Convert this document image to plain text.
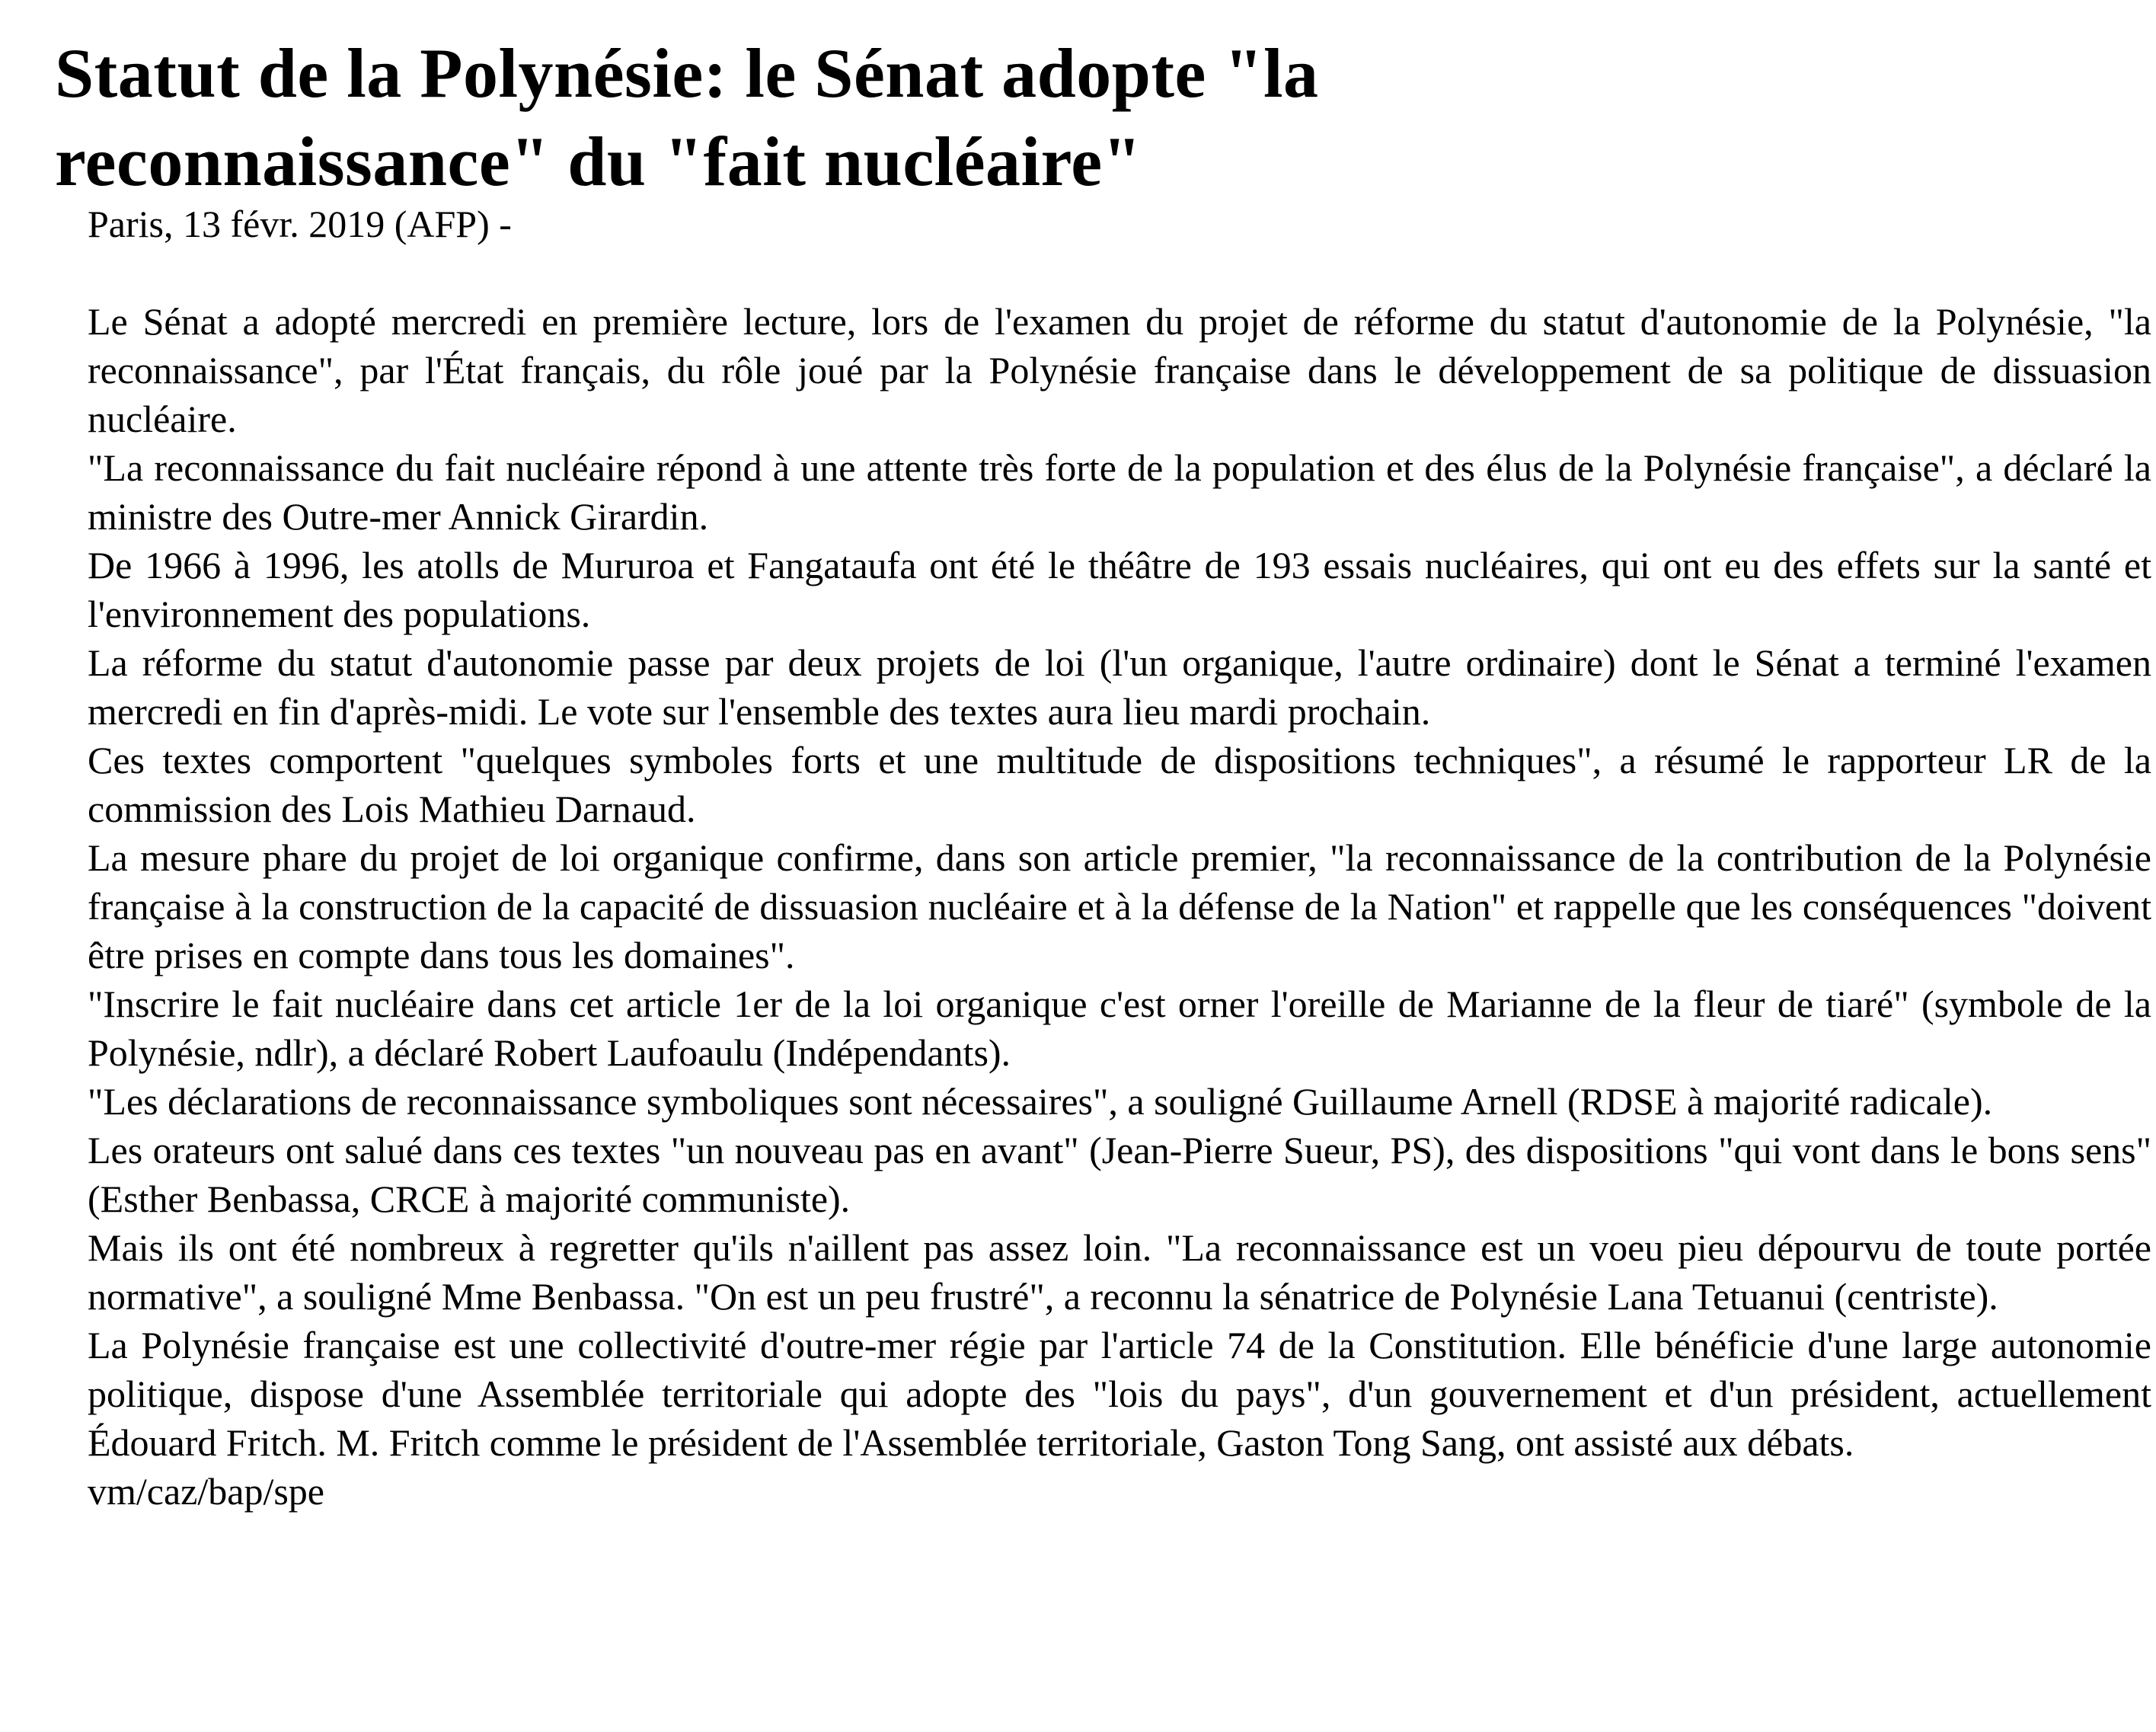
Statut de la Polynésie: le Sénat adopte "la reconnaissance" du "fait nucléaire"

Paris, 13 févr. 2019 (AFP) -

Le Sénat a adopté mercredi en première lecture, lors de l'examen du projet de réforme du statut d'autonomie de la Polynésie, "la reconnaissance", par l'État français, du rôle joué par la Polynésie française dans le développement de sa politique de dissuasion nucléaire.

"La reconnaissance du fait nucléaire répond à une attente très forte de la population et des élus de la Polynésie française", a déclaré la ministre des Outre-mer Annick Girardin.

De 1966 à 1996, les atolls de Mururoa et Fangataufa ont été le théâtre de 193 essais nucléaires, qui ont eu des effets sur la santé et l'environnement des populations.

La réforme du statut d'autonomie passe par deux projets de loi (l'un organique, l'autre ordinaire) dont le Sénat a terminé l'examen mercredi en fin d'après-midi. Le vote sur l'ensemble des textes aura lieu mardi prochain.

Ces textes comportent "quelques symboles forts et une multitude de dispositions techniques", a résumé le rapporteur LR de la commission des Lois Mathieu Darnaud.

La mesure phare du projet de loi organique confirme, dans son article premier, "la reconnaissance de la contribution de la Polynésie française à la construction de la capacité de dissuasion nucléaire et à la défense de la Nation" et rappelle que les conséquences "doivent être prises en compte dans tous les domaines".

"Inscrire le fait nucléaire dans cet article 1er de la loi organique c'est orner l'oreille de Marianne de la fleur de tiaré" (symbole de la Polynésie, ndlr), a déclaré Robert Laufoaulu (Indépendants).

"Les déclarations de reconnaissance symboliques sont nécessaires", a souligné Guillaume Arnell (RDSE à majorité radicale).

Les orateurs ont salué dans ces textes "un nouveau pas en avant" (Jean-Pierre Sueur, PS), des dispositions "qui vont dans le bons sens" (Esther Benbassa, CRCE à majorité communiste).

Mais ils ont été nombreux à regretter qu'ils n'aillent pas assez loin. "La reconnaissance est un voeu pieu dépourvu de toute portée normative", a souligné Mme Benbassa. "On est un peu frustré", a reconnu la sénatrice de Polynésie Lana Tetuanui (centriste).

La Polynésie française est une collectivité d'outre-mer régie par l'article 74 de la Constitution. Elle bénéficie d'une large autonomie politique, dispose d'une Assemblée territoriale qui adopte des "lois du pays", d'un gouvernement et d'un président, actuellement Édouard Fritch. M. Fritch comme le président de l'Assemblée territoriale, Gaston Tong Sang, ont assisté aux débats.

vm/caz/bap/spe
